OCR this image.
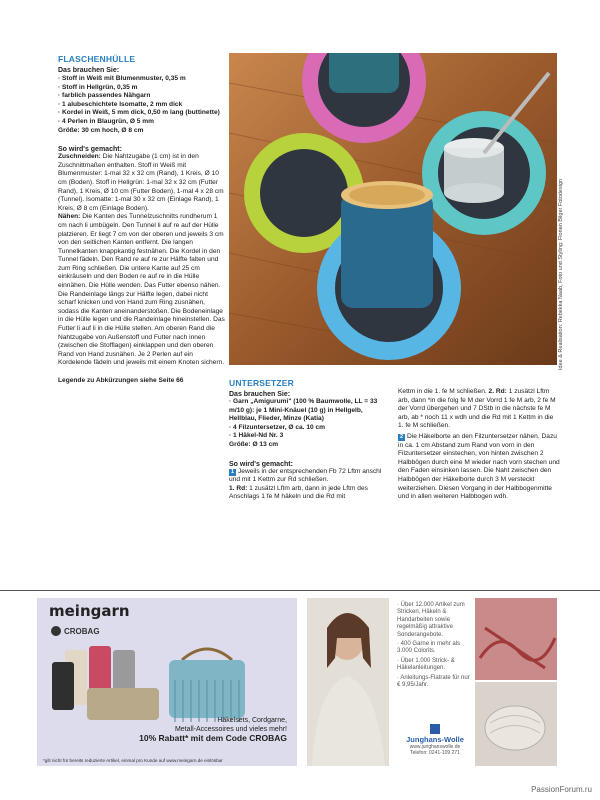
FLASCHENHÜLLE
Das brauchen Sie:
· Stoff in Weiß mit Blumenmuster, 0,35 m
· Stoff in Hellgrün, 0,35 m
· farblich passendes Nähgarn
· 1 alubeschichtete Isomatte, 2 mm dick
· Kordel in Weiß, 5 mm dick, 0,50 m lang (buttinette)
· 4 Perlen in Blaugrün, Ø 5 mm
Größe: 30 cm hoch, Ø 8 cm
So wird's gemacht:

Zuschneiden: Die Nahtzugabe (1 cm) ist in den Zuschnittmaßen enthalten. Stoff in Weiß mit Blumenmuster: 1-mal 32 x 32 cm (Rand), 1 Kreis, Ø 10 cm (Boden). Stoff in Hellgrün: 1-mal 32 x 32 cm (Futter Rand), 1 Kreis, Ø 10 cm (Futter Boden), 1-mal 4 x 28 cm (Tunnel). Isomatte: 1-mal 30 x 32 cm (Einlage Rand), 1 Kreis, Ø 8 cm (Einlage Boden).

Nähen: Die Kanten des Tunnelzuschnitts rundherum 1 cm nach li umbügeln. Den Tunnel li auf re auf der Hülle platzieren. Er liegt 7 cm von der oberen und jeweils 3 cm von den seitlichen Kanten entfernt. Die langen Tunnelkanten knappkantig festnähen. Die Kordel in den Tunnel fädeln. Den Rand re auf re zur Hälfte falten und zum Ring schließen. Die untere Kante auf 25 cm einkräuseln und den Boden re auf re in die Hülle einnähen. Die Hülle wenden. Das Futter ebenso nähen. Die Randeinlage längs zur Hälfte legen, dabei nicht scharf knicken und von Hand zum Ring zusnähen, sodass die Kanten aneinanderstoßen. Die Bodeneinlage in die Hülle legen und die Randeinlage hineinstellen. Das Futter li auf li in die Hülle stellen. Am oberen Rand die Nahtzugabe von Außenstoff und Futter nach innen (zwischen die Stofflagen) einklappen und den oberen Rand von Hand zusnähen. Je 2 Perlen auf ein Kordelende fädeln und jeweils mit einem Knoten sichern.

Legende zu Abkürzungen siehe Seite 66

Idee & Realisation: Rebekka Naab, Foto und Styling: Florian Bilger Fotodesign
UNTERSETZER
Das brauchen Sie:
· Garn „Amigurumi" (100 % Baumwolle, LL = 33 m/10 g): je 1 Mini-Knäuel (10 g) in Hellgelb, Hellblau, Flieder, Minze (Katia)
· 4 Filzuntersetzer, Ø ca. 10 cm
· 1 Häkel-Nd Nr. 3
Größe: Ø 13 cm
So wird's gemacht:

1 Jeweils in der entsprechenden Fb 72 Lftm anschl und mit 1 Kettm zur Rd schließen.

1. Rd: 1 zusätzl Lftm arb, dann in jede Lftm des Anschlags 1 fe M häkeln und die Rd mit

Kettm in die 1. fe M schließen. 2. Rd: 1 zusätzl Lftm arb, dann *in die folg fe M der Vorrd 1 fe M arb, 2 fe M der Vorrd übergehen und 7 DStb in die nächste fe M arb, ab * noch 11 x wdh und die Rd mit 1 Kettm in die 1. fe M schließen.

2 Die Häkelborte an den Filzuntersetzer nähen. Dazu in ca. 1 cm Abstand zum Rand von vorn in den Filzuntersetzer einstechen, von hinten zwischen 2 Halbbögen durch eine M wieder nach vorn stechen und den Faden einsinken lassen. Die Naht zwischen den Halbbögen der Häkelborte durch 3 M versteckt weiterziehen. Diesen Vorgang in der Halbbogenmitte und in allen weiteren Halbbogen wdh.

meingarn
CROBAG
Häkelsets, Cordgarne,
Metall-Accessoires und vieles mehr!
10% Rabatt* mit dem Code CROBAG
*gilt nicht für bereits reduzierte Artikel, einmal pro Kunde auf www.meingarn.de einlösbar
· Über 12.000 Artikel zum Stricken, Häkeln & Handarbeiten sowie regelmäßig attraktive Sonderangebote.
· 400 Garne in mehr als 3.000 Colorits.
· Über 1.000 Strick- & Häkelanleitungen.
· Anleitungs-Flatrate für nur € 9,95/Jahr.
Junghans-Wolle
www.junghanswolle.de
Telefon: 0241-109 271
PassionForum.ru
